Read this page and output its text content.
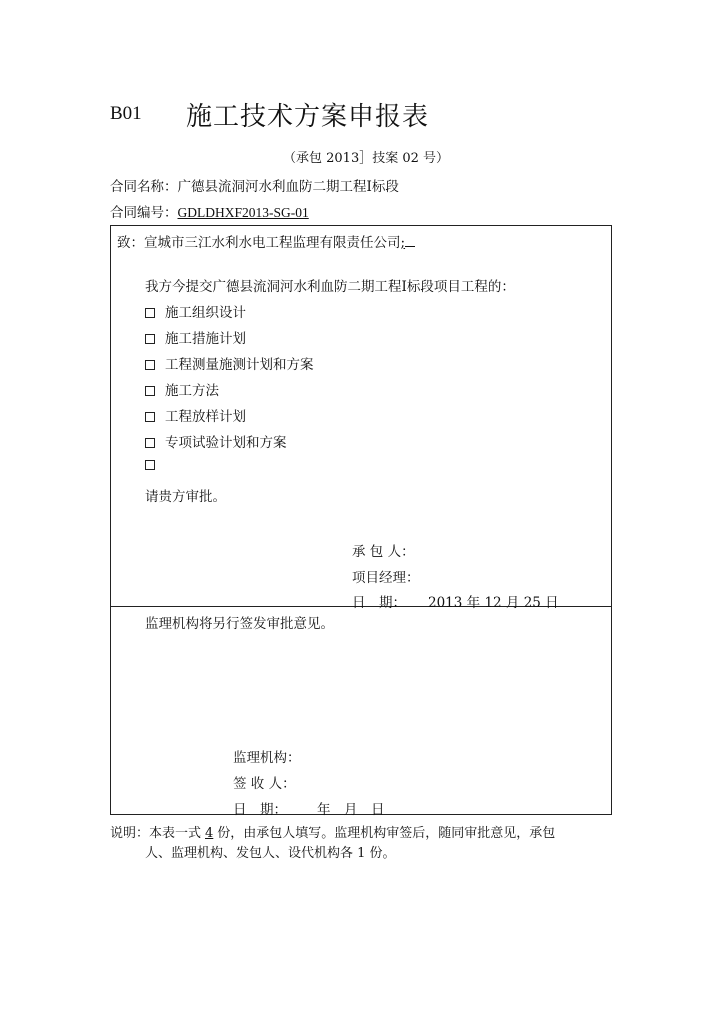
B01 施工技术方案申报表
（承包 2013］技案 02 号）
合同名称：广德县流洞河水利血防二期工程Ⅰ标段
合同编号：GDLDHXF2013-SG-01
致：宣城市三江水利水电工程监理有限责任公司;
我方今提交广德县流洞河水利血防二期工程Ⅰ标段项目工程的：
施工组织设计
施工措施计划
工程测量施测计划和方案
施工方法
工程放样计划
专项试验计划和方案
请贵方审批。
承 包 人：
项目经理：
日　期： 2013 年 12 月 25 日
监理机构将另行签发审批意见。
监理机构：
签 收 人：
日　期： 年　月　日
说明：本表一式 4 份，由承包人填写。监理机构审签后，随同审批意见，承包
人、监理机构、发包人、设代机构各 1 份。
